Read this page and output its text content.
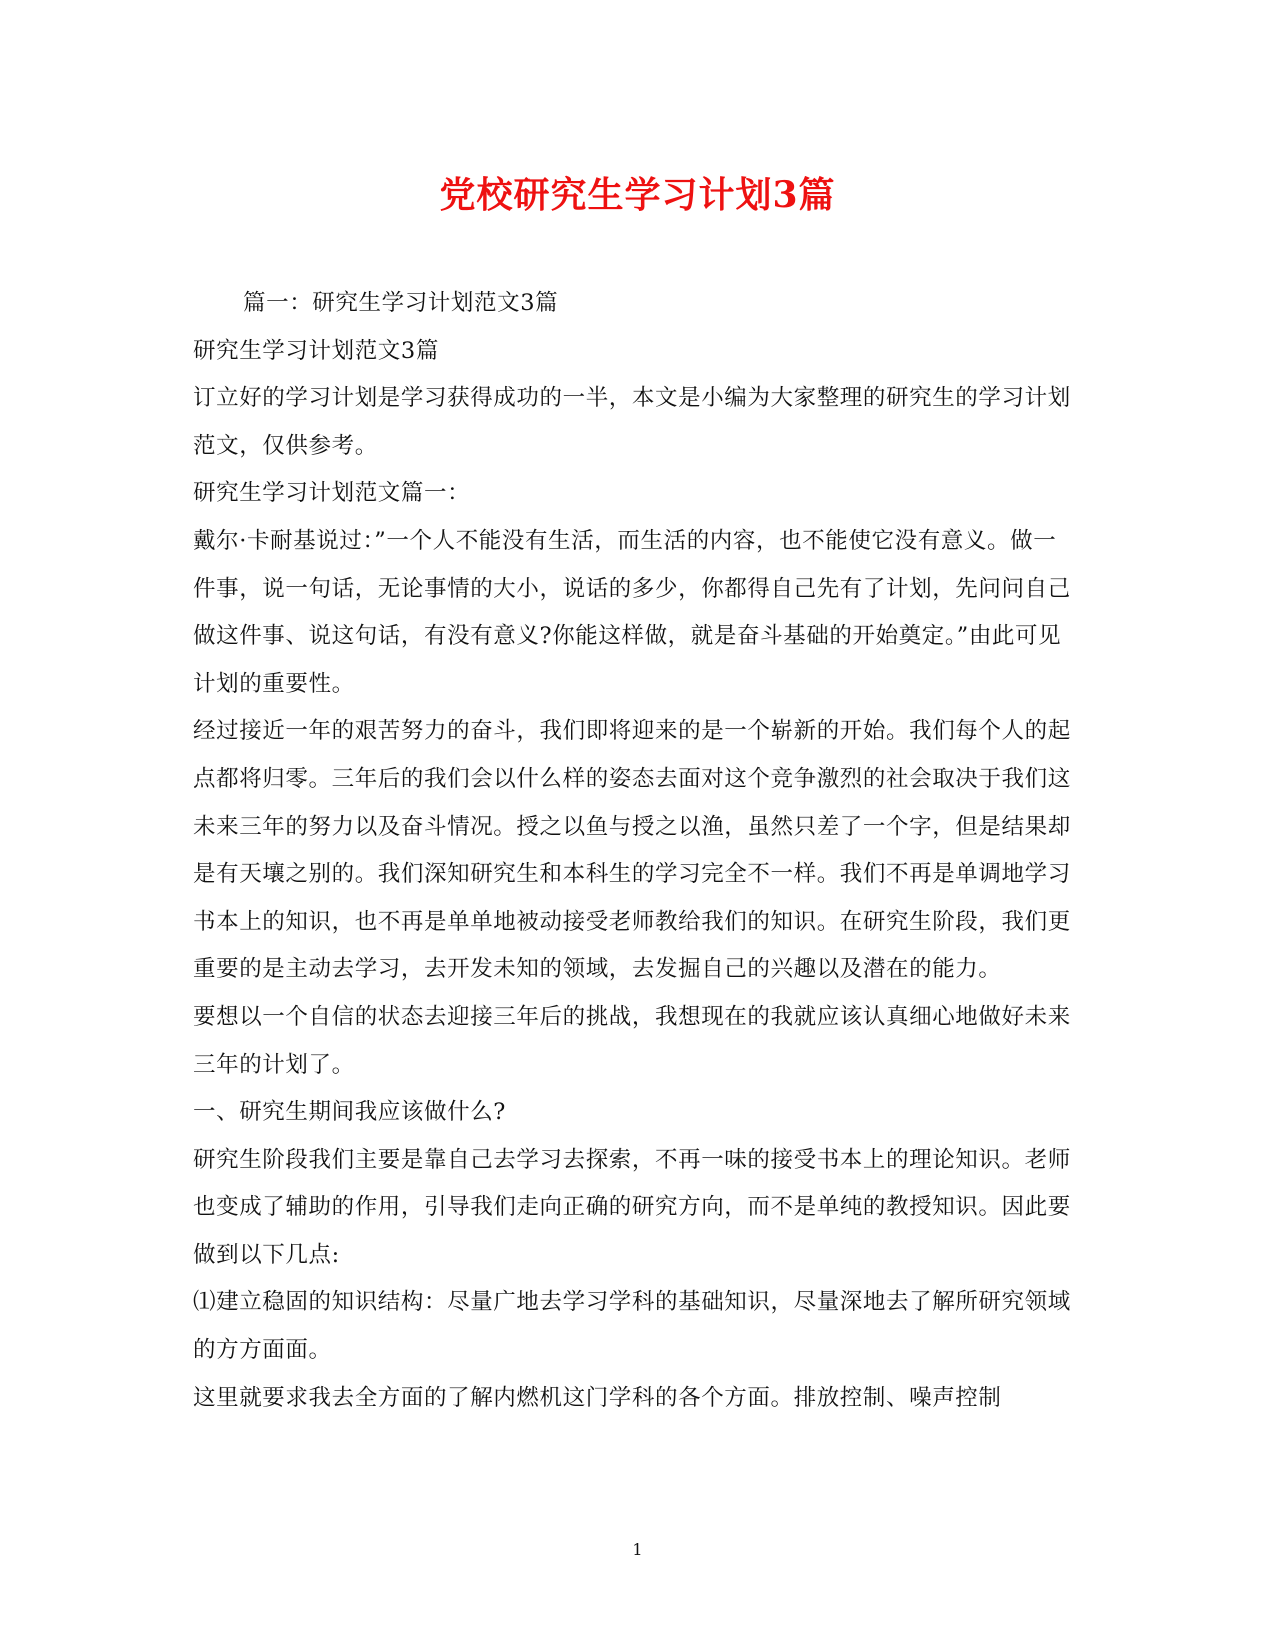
党校研究生学习计划3篇

篇一：研究生学习计划范文3篇

研究生学习计划范文3篇

订立好的学习计划是学习获得成功的一半，本文是小编为大家整理的研究生的学习计划范文，仅供参考。

研究生学习计划范文篇一：

戴尔·卡耐基说过：”一个人不能没有生活，而生活的内容，也不能使它没有意义。做一件事，说一句话，无论事情的大小，说话的多少，你都得自己先有了计划，先问问自己做这件事、说这句话，有没有意义?你能这样做，就是奋斗基础的开始奠定。”由此可见计划的重要性。

经过接近一年的艰苦努力的奋斗，我们即将迎来的是一个崭新的开始。我们每个人的起点都将归零。三年后的我们会以什么样的姿态去面对这个竞争激烈的社会取决于我们这未来三年的努力以及奋斗情况。授之以鱼与授之以渔，虽然只差了一个字，但是结果却是有天壤之别的。我们深知研究生和本科生的学习完全不一样。我们不再是单调地学习书本上的知识，也不再是单单地被动接受老师教给我们的知识。在研究生阶段，我们更重要的是主动去学习，去开发未知的领域，去发掘自己的兴趣以及潜在的能力。

要想以一个自信的状态去迎接三年后的挑战，我想现在的我就应该认真细心地做好未来三年的计划了。

一、研究生期间我应该做什么?

研究生阶段我们主要是靠自己去学习去探索，不再一味的接受书本上的理论知识。老师也变成了辅助的作用，引导我们走向正确的研究方向，而不是单纯的教授知识。因此要做到以下几点:

⑴建立稳固的知识结构：尽量广地去学习学科的基础知识，尽量深地去了解所研究领域的方方面面。

这里就要求我去全方面的了解内燃机这门学科的各个方面。排放控制、噪声控制

1
